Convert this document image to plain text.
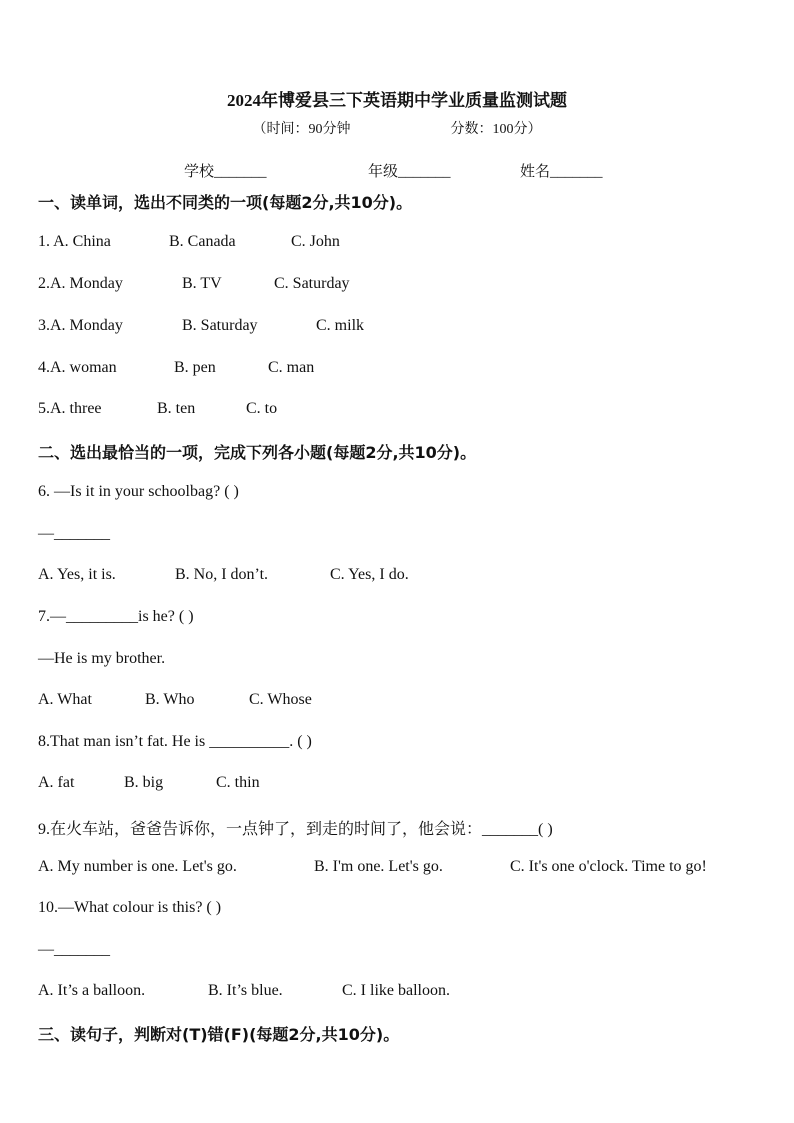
2024年博爱县三下英语期中学业质量监测试题
（时间：90分钟	分数：100分）
学校_______	年级_______	姓名_______
一、读单词，选出不同类的一项(每题2分,共10分)。
1. A. China	B. Canada	C. John
2.A. Monday	B. TV	C. Saturday
3.A. Monday	B. Saturday	C. milk
4.A. woman	B. pen	C. man
5.A. three	B. ten	C. to
二、选出最恰当的一项，完成下列各小题(每题2分,共10分)。
6. —Is it in your schoolbag? ( )
—_______
A. Yes, it is.	B. No, I don’t.	C. Yes, I do.
7.—_________is he? ( )
—He is my brother.
A. What	B. Who	C. Whose
8.That man isn’t fat. He is __________. ( )
A. fat	B. big	C. thin
9.在火车站，爸爸告诉你，一点钟了，到走的时间了，他会说：_______( )
A. My number is one. Let's go.	B. I'm one. Let's go.	C. It's one o'clock. Time to go!
10.—What colour is this? ( )
—_______
A. It’s a balloon.	B. It’s blue.	C. I like balloon.
三、读句子，判断对(T)错(F)(每题2分,共10分)。
